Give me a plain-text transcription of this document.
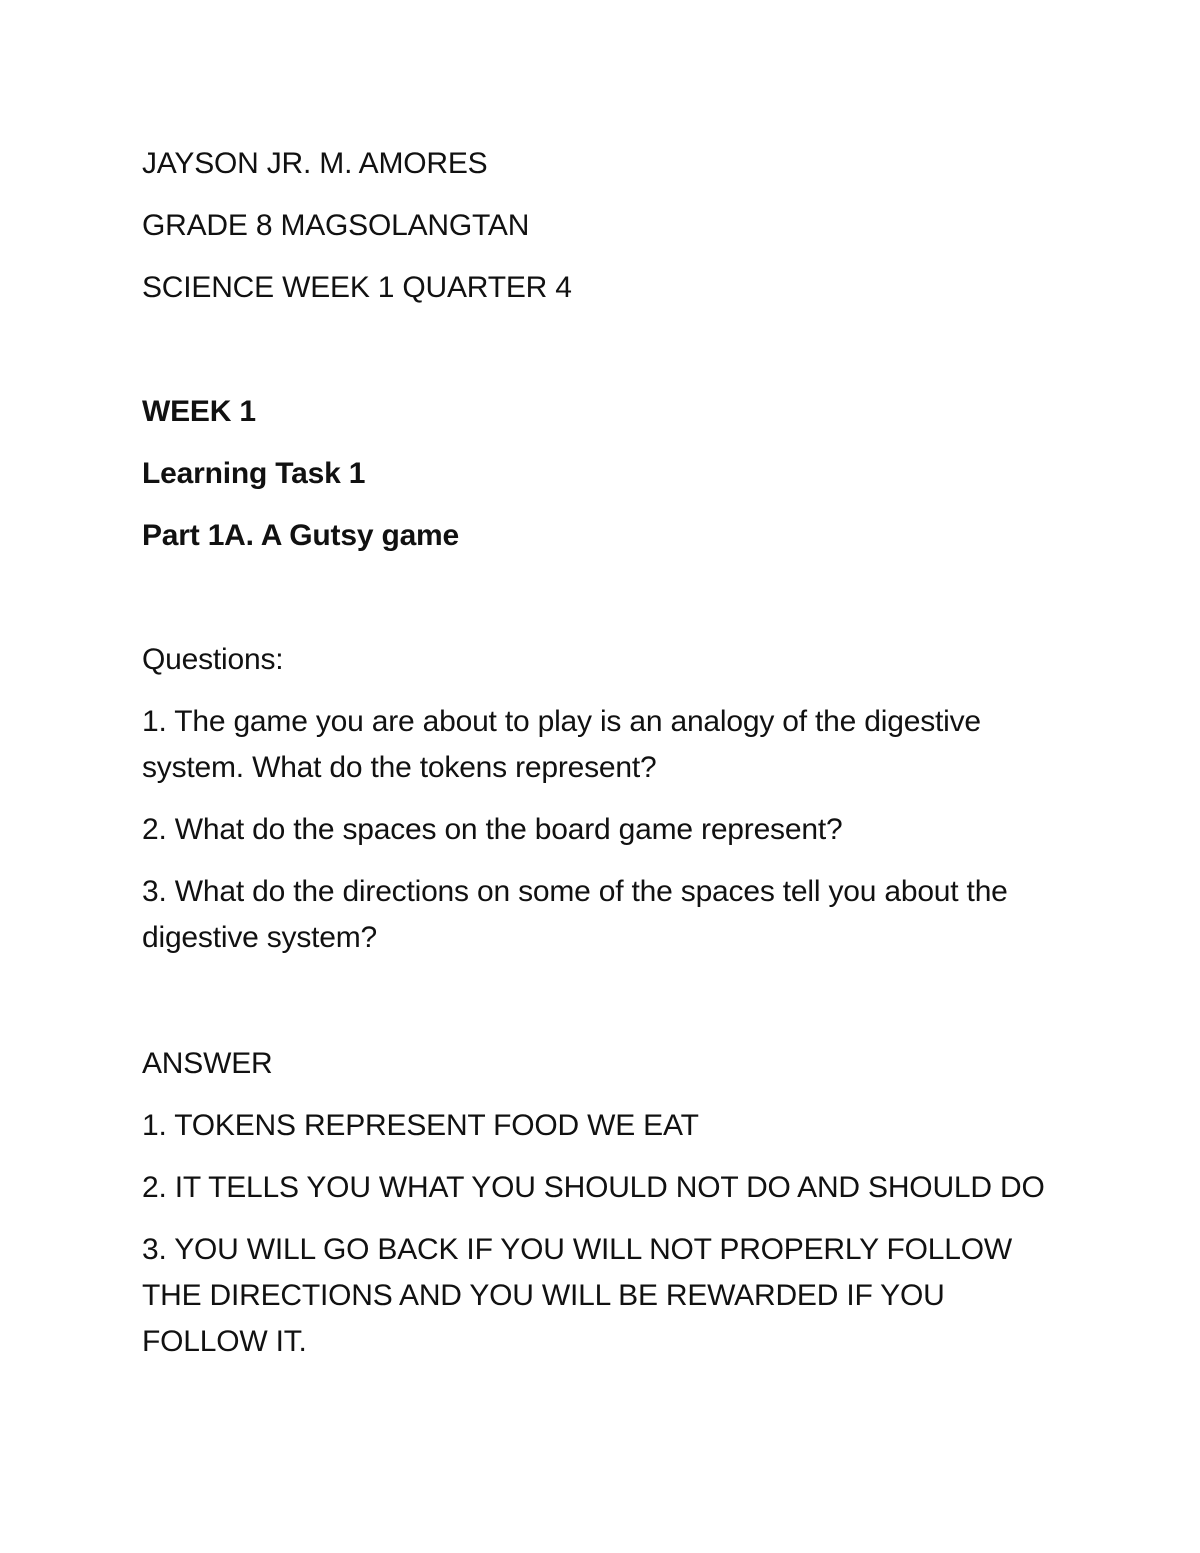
JAYSON JR. M. AMORES
GRADE 8 MAGSOLANGTAN
SCIENCE WEEK 1 QUARTER 4
WEEK 1
Learning Task 1
Part 1A. A Gutsy game
Questions:
1. The game you are about to play is an analogy of the digestive system. What do the tokens represent?
2. What do the spaces on the board game represent?
3. What do the directions on some of the spaces tell you about the digestive system?
ANSWER
1. TOKENS REPRESENT FOOD WE EAT
2. IT TELLS YOU WHAT YOU SHOULD NOT DO AND SHOULD DO
3. YOU WILL GO BACK IF YOU WILL NOT PROPERLY FOLLOW THE DIRECTIONS AND YOU WILL BE REWARDED IF YOU FOLLOW IT.
